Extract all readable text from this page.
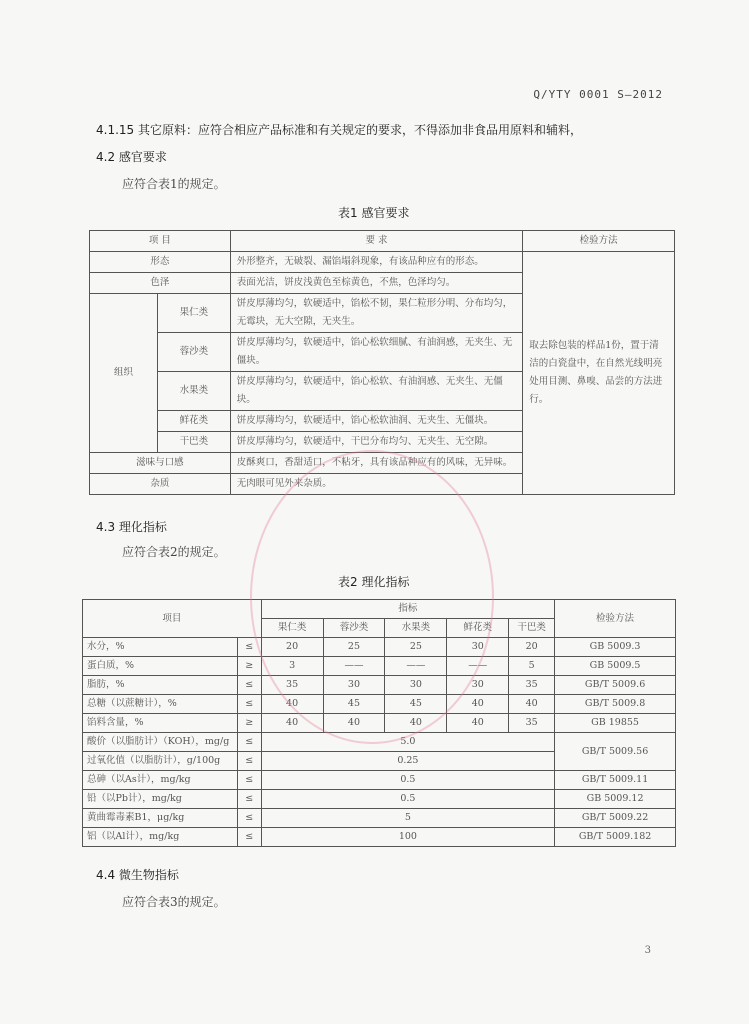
Q/YTY 0001 S—2012
4.1.15 其它原料：应符合相应产品标准和有关规定的要求，不得添加非食品用原料和辅料，
4.2 感官要求
应符合表1的规定。
表1 感官要求
项 目		要 求	检验方法
形态		外形整齐，无破裂、漏馅塌斜现象，有该品种应有的形态。	取去除包装的样品1份，置于清洁的白瓷盘中，在自然光线明亮处用目测、鼻嗅、品尝的方法进行。
色泽		表面光洁，饼皮浅黄色至棕黄色，不焦，色泽均匀。	
组织	果仁类	饼皮厚薄均匀，软硬适中，馅松不韧，果仁粒形分明、分布均匀，无霉块，无大空隙，无夹生。	
	蓉沙类	饼皮厚薄均匀，软硬适中，馅心松软细腻、有油润感，无夹生、无僵块。	
	水果类	饼皮厚薄均匀，软硬适中，馅心松软、有油润感、无夹生、无僵块。	
	鲜花类	饼皮厚薄均匀，软硬适中，馅心松软油润、无夹生、无僵块。	
	干巴类	饼皮厚薄均匀，软硬适中，干巴分布均匀、无夹生、无空隙。	
滋味与口感		皮酥爽口，香甜适口，不粘牙，具有该品种应有的风味，无异味。	
杂质		无肉眼可见外来杂质。	
4.3 理化指标
应符合表2的规定。
表2 理化指标
项目		指标					检验方法
		果仁类	蓉沙类	水果类	鲜花类	干巴类	
水分，%	≤	20	25	25	30	20	GB 5009.3
蛋白质，%	≥	3	——	——	——	5	GB 5009.5
脂肪，%	≤	35	30	30	30	35	GB/T 5009.6
总糖（以蔗糖计），%	≤	40	45	45	40	40	GB/T 5009.8
馅料含量，%	≥	40	40	40	40	35	GB 19855
酸价（以脂肪计）（KOH），mg/g	≤	5.0					GB/T 5009.56
过氧化值（以脂肪计），g/100g	≤	0.25					
总砷（以As计），mg/kg	≤	0.5					GB/T 5009.11
铅（以Pb计），mg/kg	≤	0.5					GB 5009.12
黄曲霉毒素B1，μg/kg	≤	5					GB/T 5009.22
铝（以Al计），mg/kg	≤	100					GB/T 5009.182
4.4 微生物指标
应符合表3的规定。
3
